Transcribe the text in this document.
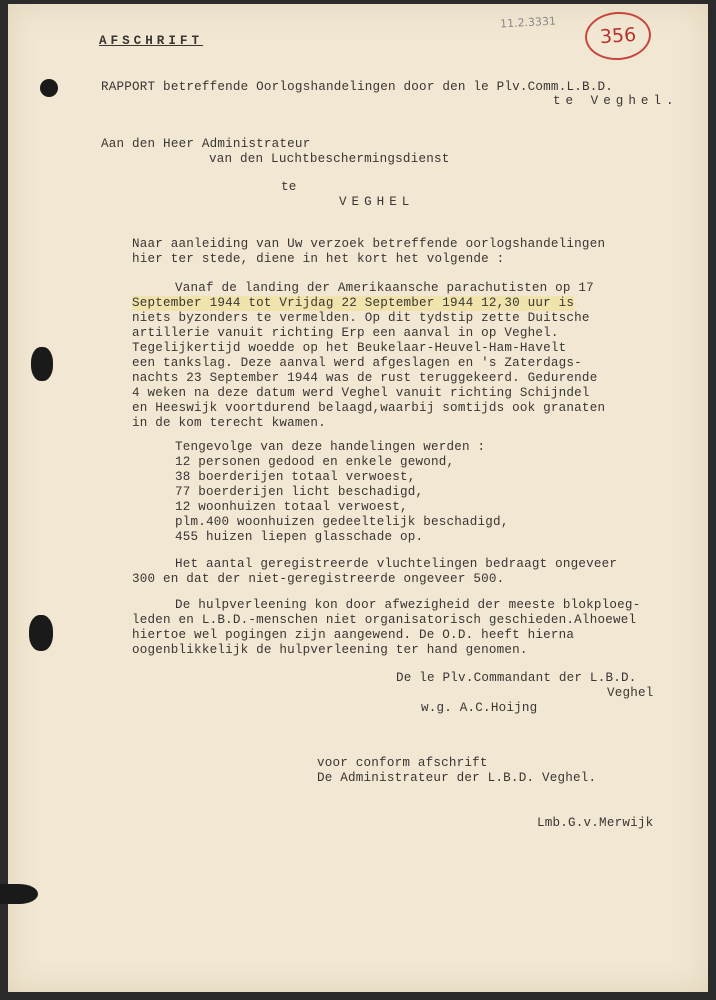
11.2.3331
356
AFSCHRIFT
RAPPORT betreffende Oorlogshandelingen door den le Plv.Comm.L.B.D.
te Veghel.
Aan den Heer Administrateur
van den Luchtbeschermingsdienst
te
VEGHEL
Naar aanleiding van Uw verzoek betreffende oorlogshandelingen
hier ter stede, diene in het kort het volgende :
Vanaf de landing der Amerikaansche parachutisten op 17
September 1944 tot Vrijdag 22 September 1944 12,30 uur is
niets byzonders te vermelden. Op dit tydstip zette Duitsche
artillerie vanuit richting Erp een aanval in op Veghel.
Tegelijkertijd woedde op het Beukelaar-Heuvel-Ham-Havelt
een tankslag. Deze aanval werd afgeslagen en 's Zaterdags-
nachts 23 September 1944 was de rust teruggekeerd. Gedurende
4 weken na deze datum werd Veghel vanuit richting Schijndel
en Heeswijk voortdurend belaagd,waarbij somtijds ook granaten
in de kom terecht kwamen.
Tengevolge van deze handelingen werden :
12 personen gedood en enkele gewond,
38 boerderijen totaal verwoest,
77 boerderijen licht beschadigd,
12 woonhuizen totaal verwoest,
plm.400 woonhuizen gedeeltelijk beschadigd,
455 huizen liepen glasschade op.
Het aantal geregistreerde vluchtelingen bedraagt ongeveer
300 en dat der niet-geregistreerde ongeveer 500.
De hulpverleening kon door afwezigheid der meeste blokploeg-
leden en L.B.D.-menschen niet organisatorisch geschieden.Alhoewel
hiertoe wel pogingen zijn aangewend. De O.D. heeft hierna
oogenblikkelijk de hulpverleening ter hand genomen.
De le Plv.Commandant der L.B.D.
Veghel
w.g. A.C.Hoijng
voor conform afschrift
De Administrateur der L.B.D. Veghel.
Lmb.G.v.Merwijk
